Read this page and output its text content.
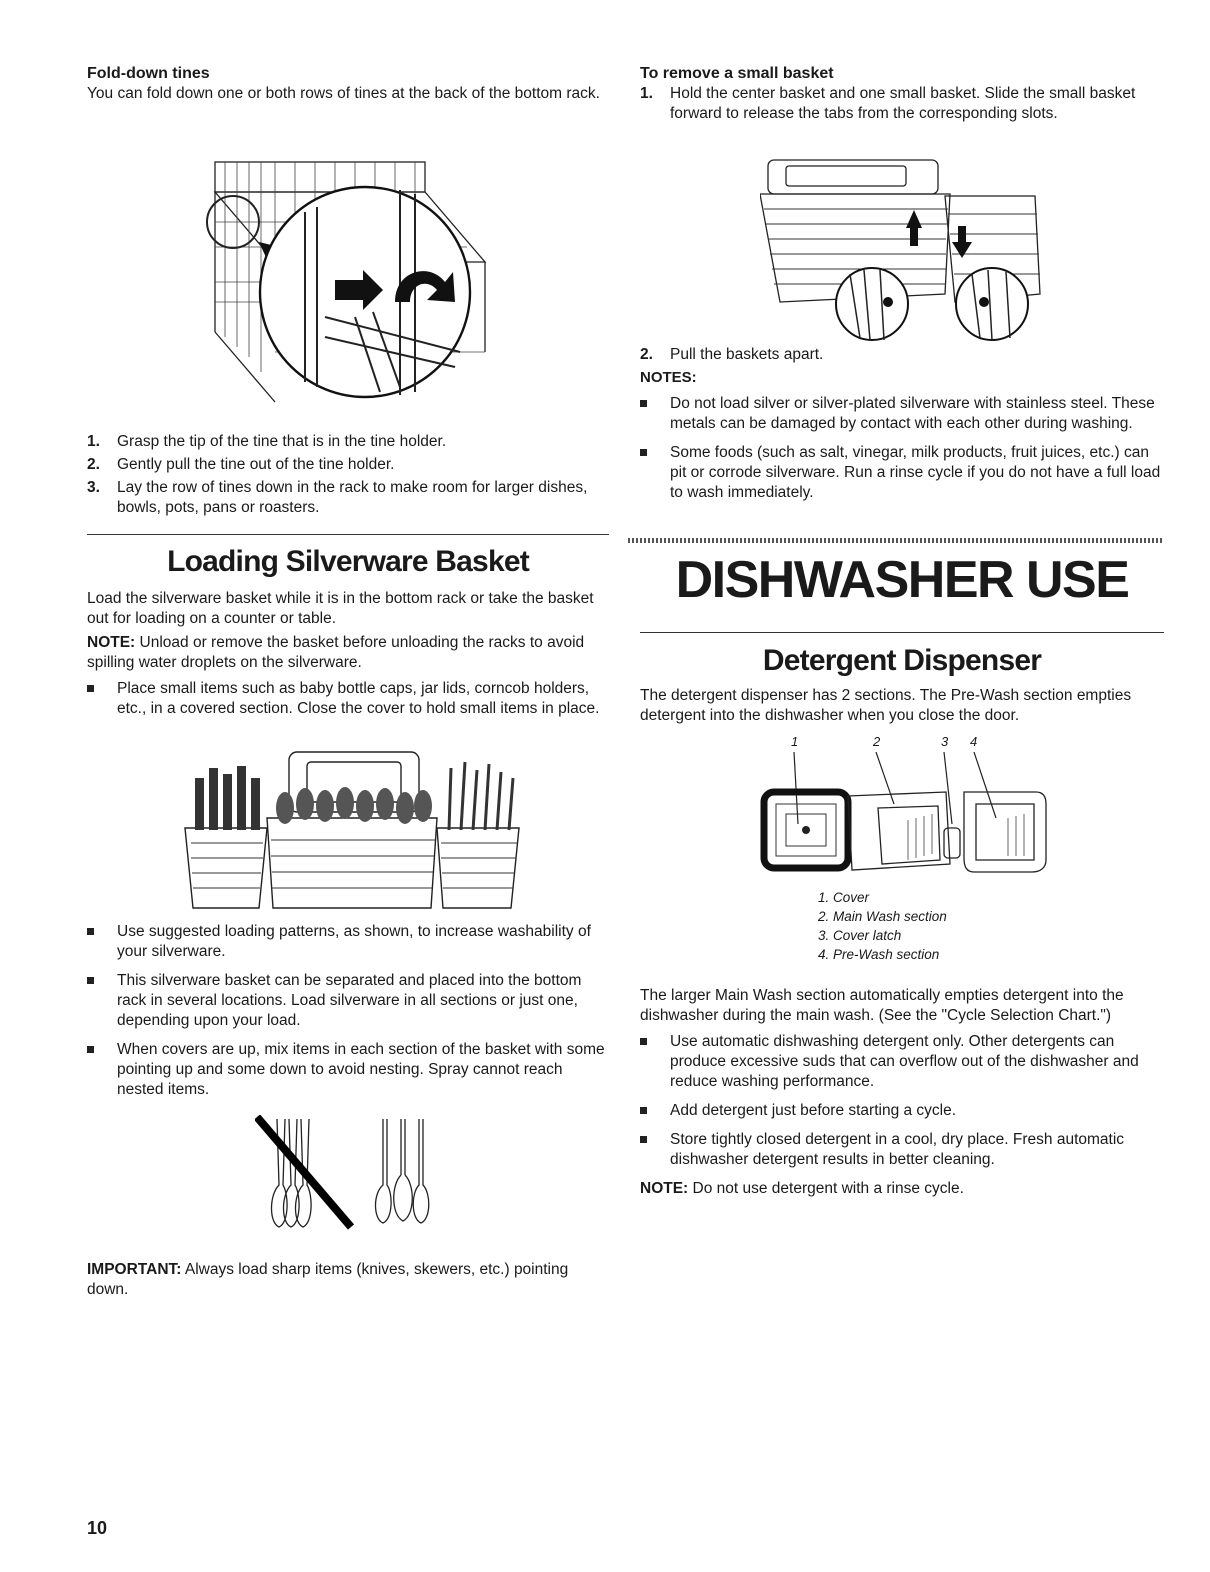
Fold-down tines

You can fold down one or both rows of tines at the back of the bottom rack.

1. Grasp the tip of the tine that is in the tine holder.
2. Gently pull the tine out of the tine holder.
3. Lay the row of tines down in the rack to make room for larger dishes, bowls, pots, pans or roasters.
Loading Silverware Basket

Load the silverware basket while it is in the bottom rack or take the basket out for loading on a counter or table.

NOTE: Unload or remove the basket before unloading the racks to avoid spilling water droplets on the silverware.

Place small items such as baby bottle caps, jar lids, corncob holders, etc., in a covered section. Close the cover to hold small items in place.
Use suggested loading patterns, as shown, to increase washability of your silverware.
This silverware basket can be separated and placed into the bottom rack in several locations. Load silverware in all sections or just one, depending upon your load.
When covers are up, mix items in each section of the basket with some pointing up and some down to avoid nesting. Spray cannot reach nested items.

IMPORTANT: Always load sharp items (knives, skewers, etc.) pointing down.

10
To remove a small basket
1. Hold the center basket and one small basket. Slide the small basket forward to release the tabs from the corresponding slots.
2. Pull the baskets apart.
NOTES:
Do not load silver or silver-plated silverware with stainless steel. These metals can be damaged by contact with each other during washing.
Some foods (such as salt, vinegar, milk products, fruit juices, etc.) can pit or corrode silverware. Run a rinse cycle if you do not have a full load to wash immediately.
DISHWASHER USE
Detergent Dispenser

The detergent dispenser has 2 sections. The Pre-Wash section empties detergent into the dishwasher when you close the door.

1	2	3 4

1. Cover

2. Main Wash section

3. Cover latch

4. Pre-Wash section

The larger Main Wash section automatically empties detergent into the dishwasher during the main wash. (See the "Cycle Selection Chart.")

Use automatic dishwashing detergent only. Other detergents can produce excessive suds that can overflow out of the dishwasher and reduce washing performance.
Add detergent just before starting a cycle.
Store tightly closed detergent in a cool, dry place. Fresh automatic dishwasher detergent results in better cleaning.

NOTE: Do not use detergent with a rinse cycle.
